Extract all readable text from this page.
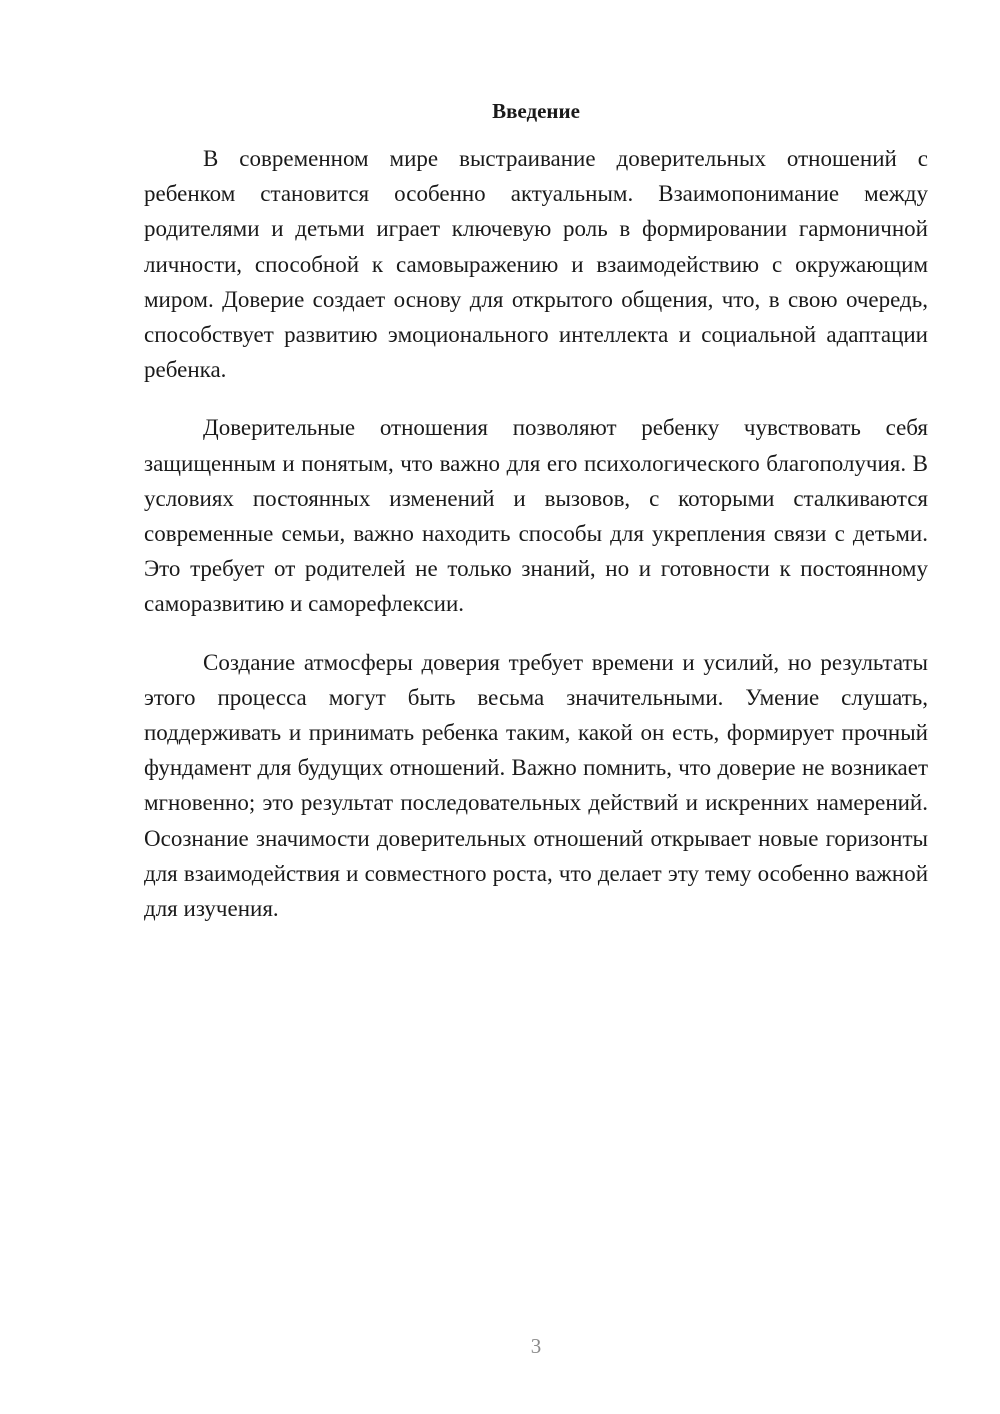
Введение

В современном мире выстраивание доверительных отношений с ребенком становится особенно актуальным. Взаимопонимание между родителями и детьми играет ключевую роль в формировании гармоничной личности, способной к самовыражению и взаимодействию с окружающим миром. Доверие создает основу для открытого общения, что, в свою очередь, способствует развитию эмоционального интеллекта и социальной адаптации ребенка.

Доверительные отношения позволяют ребенку чувствовать себя защищенным и понятым, что важно для его психологического благополучия. В условиях постоянных изменений и вызовов, с которыми сталкиваются современные семьи, важно находить способы для укрепления связи с детьми. Это требует от родителей не только знаний, но и готовности к постоянному саморазвитию и саморефлексии.

Создание атмосферы доверия требует времени и усилий, но результаты этого процесса могут быть весьма значительными. Умение слушать, поддерживать и принимать ребенка таким, какой он есть, формирует прочный фундамент для будущих отношений. Важно помнить, что доверие не возникает мгновенно; это результат последовательных действий и искренних намерений. Осознание значимости доверительных отношений открывает новые горизонты для взаимодействия и совместного роста, что делает эту тему особенно важной для изучения.

3
